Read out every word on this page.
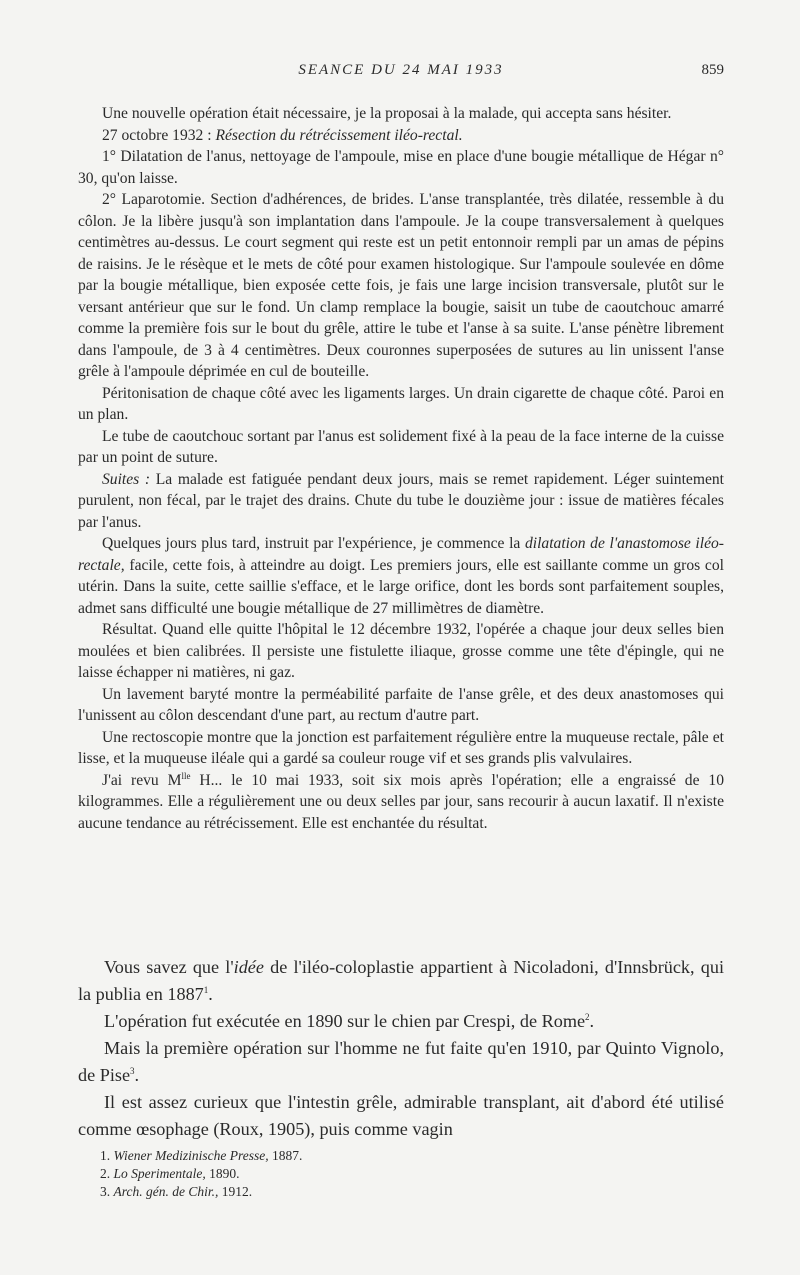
SEANCE DU 24 MAI 1933	859

Une nouvelle opération était nécessaire, je la proposai à la malade, qui accepta sans hésiter.

27 octobre 1932 : Résection du rétrécissement iléo-rectal.

1° Dilatation de l'anus, nettoyage de l'ampoule, mise en place d'une bougie métallique de Hégar n° 30, qu'on laisse.

2° Laparotomie. Section d'adhérences, de brides. L'anse transplantée, très dilatée, ressemble à du côlon. Je la libère jusqu'à son implantation dans l'ampoule. Je la coupe transversalement à quelques centimètres au-dessus. Le court segment qui reste est un petit entonnoir rempli par un amas de pépins de raisins. Je le résèque et le mets de côté pour examen histologique. Sur l'ampoule soulevée en dôme par la bougie métallique, bien exposée cette fois, je fais une large incision transversale, plutôt sur le versant antérieur que sur le fond. Un clamp remplace la bougie, saisit un tube de caoutchouc amarré comme la première fois sur le bout du grêle, attire le tube et l'anse à sa suite. L'anse pénètre librement dans l'ampoule, de 3 à 4 centimètres. Deux couronnes superposées de sutures au lin unissent l'anse grêle à l'ampoule déprimée en cul de bouteille.

Péritonisation de chaque côté avec les ligaments larges. Un drain cigarette de chaque côté. Paroi en un plan.

Le tube de caoutchouc sortant par l'anus est solidement fixé à la peau de la face interne de la cuisse par un point de suture.

Suites : La malade est fatiguée pendant deux jours, mais se remet rapidement. Léger suintement purulent, non fécal, par le trajet des drains. Chute du tube le douzième jour : issue de matières fécales par l'anus.

Quelques jours plus tard, instruit par l'expérience, je commence la dilatation de l'anastomose iléo-rectale, facile, cette fois, à atteindre au doigt. Les premiers jours, elle est saillante comme un gros col utérin. Dans la suite, cette saillie s'efface, et le large orifice, dont les bords sont parfaitement souples, admet sans difficulté une bougie métallique de 27 millimètres de diamètre.

Résultat. Quand elle quitte l'hôpital le 12 décembre 1932, l'opérée a chaque jour deux selles bien moulées et bien calibrées. Il persiste une fistulette iliaque, grosse comme une tête d'épingle, qui ne laisse échapper ni matières, ni gaz.

Un lavement baryté montre la perméabilité parfaite de l'anse grêle, et des deux anastomoses qui l'unissent au côlon descendant d'une part, au rectum d'autre part.

Une rectoscopie montre que la jonction est parfaitement régulière entre la muqueuse rectale, pâle et lisse, et la muqueuse iléale qui a gardé sa couleur rouge vif et ses grands plis valvulaires.

J'ai revu $M^{lle}$ H... le 10 mai 1933, soit six mois après l'opération; elle a engraissé de 10 kilogrammes. Elle a régulièrement une ou deux selles par jour, sans recourir à aucun laxatif. Il n'existe aucune tendance au rétrécissement. Elle est enchantée du résultat.

Vous savez que l'idée de l'iléo-coloplastie appartient à Nicoladoni, d'Innsbrück, qui la publia en 1887$^1$.

L'opération fut exécutée en 1890 sur le chien par Crespi, de Rome$^2$.

Mais la première opération sur l'homme ne fut faite qu'en 1910, par Quinto Vignolo, de Pise$^3$.

Il est assez curieux que l'intestin grêle, admirable transplant, ait d'abord été utilisé comme œsophage (Roux, 1905), puis comme vagin

1. Wiener Medizinische Presse, 1887.
2. Lo Sperimentale, 1890.
3. Arch. gén. de Chir., 1912.
